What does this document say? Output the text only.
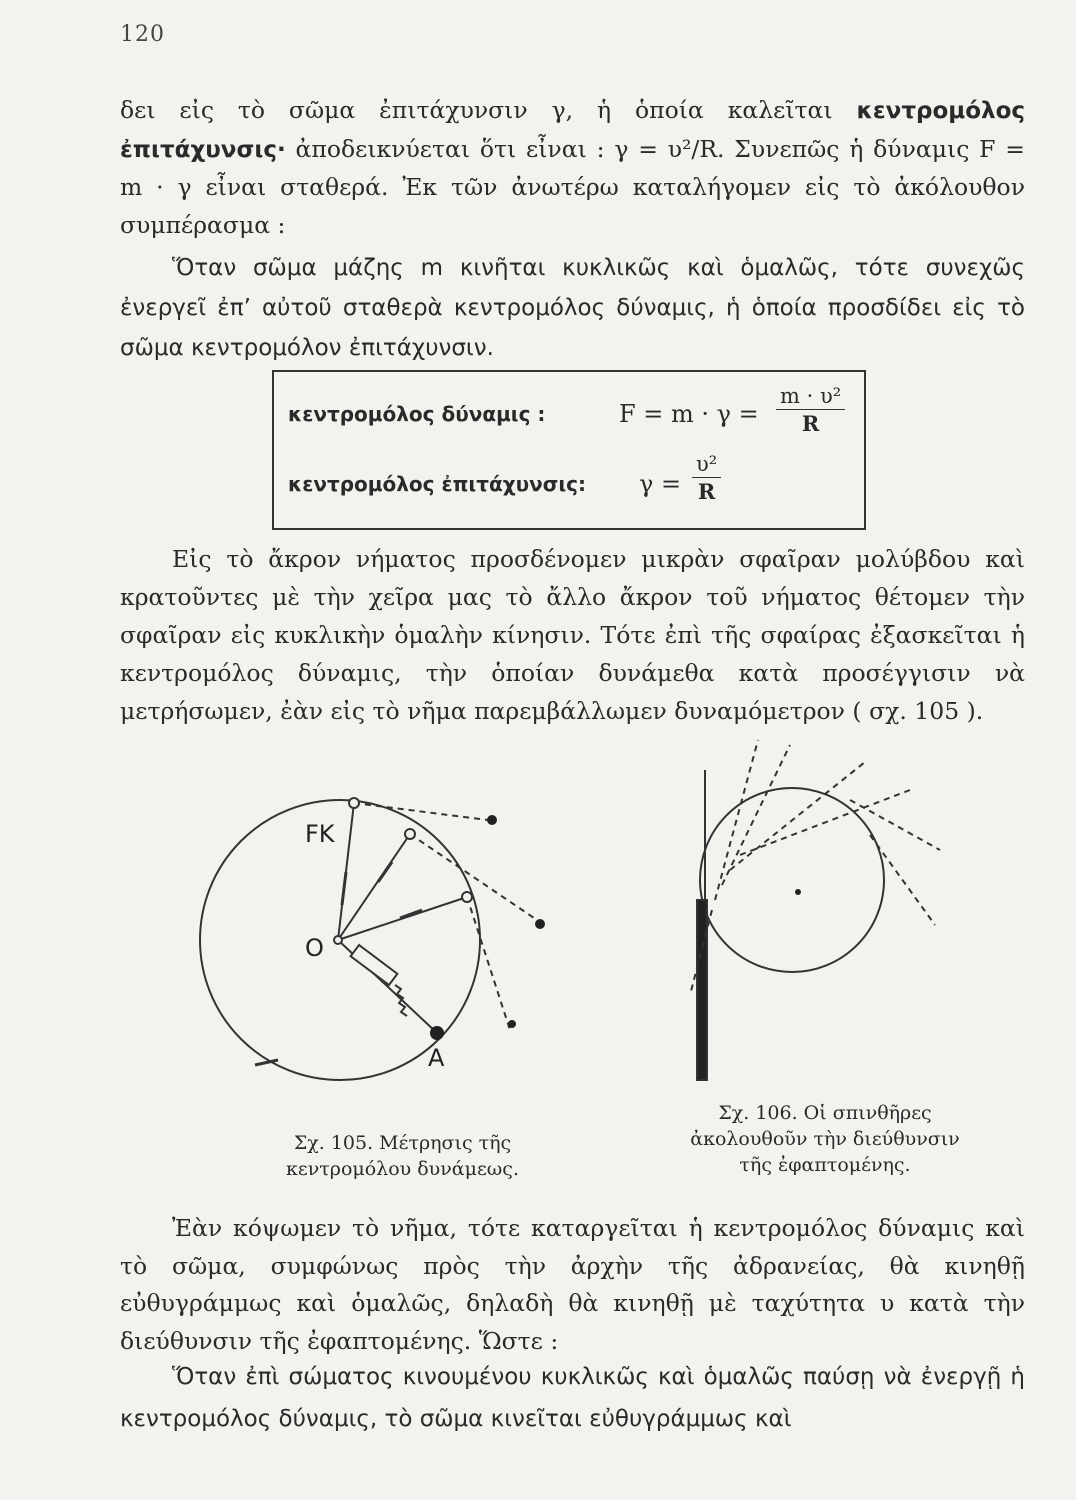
120

δει εἰς τὸ σῶμα ἐπιτάχυνσιν γ, ἡ ὁποία καλεῖται κεντρομόλος ἐπιτάχυνσις· ἀποδεικνύεται ὅτι εἶναι : γ = υ²/R. Συνεπῶς ἡ δύναμις F = m · γ εἶναι σταθερά. Ἐκ τῶν ἀνωτέρω καταλήγομεν εἰς τὸ ἀκόλουθον συμπέρασμα :

Ὅταν σῶμα μάζης m κινῆται κυκλικῶς καὶ ὁμαλῶς, τότε συνεχῶς ἐνεργεῖ ἐπ’ αὐτοῦ σταθερὰ κεντρομόλος δύναμις, ἡ ὁποία προσδίδει εἰς τὸ σῶμα κεντρομόλον ἐπιτάχυνσιν.

κεντρομόλος δύναμις :	$F = m \cdot \gamma = \frac{\text{m · υ²}}{R}$
κεντρομόλος ἐπιτάχυνσις: $\gamma = \frac{\text{υ²}}{R}$

Εἰς τὸ ἄκρον νήματος προσδένομεν μικρὰν σφαῖραν μολύβδου καὶ κρατοῦντες μὲ τὴν χεῖρα μας τὸ ἄλλο ἄκρον τοῦ νήματος θέτομεν τὴν σφαῖραν εἰς κυκλικὴν ὁμαλὴν κίνησιν. Τότε ἐπὶ τῆς σφαίρας ἐξασκεῖται ἡ κεντρομόλος δύναμις, τὴν ὁποίαν δυνάμεθα κατὰ προσέγγισιν νὰ μετρήσωμεν, ἐὰν εἰς τὸ νῆμα παρεμβάλλωμεν δυναμόμετρον ( σχ. 105 ).

FK
O
A
Σχ. 105. Μέτρησις τῆς κεντρομόλου δυνάμεως.
Σχ. 106. Οἱ σπινθῆρες ἀκολουθοῦν τὴν διεύθυνσιν τῆς ἐφαπτομένης.

Ἐὰν κόψωμεν τὸ νῆμα, τότε καταργεῖται ἡ κεντρομόλος δύναμις καὶ τὸ σῶμα, συμφώνως πρὸς τὴν ἀρχὴν τῆς ἀδρανείας, θὰ κινηθῇ εὐθυγράμμως καὶ ὁμαλῶς, δηλαδὴ θὰ κινηθῇ μὲ ταχύτητα υ κατὰ τὴν διεύθυνσιν τῆς ἐφαπτομένης. Ὥστε :

Ὅταν ἐπὶ σώματος κινουμένου κυκλικῶς καὶ ὁμαλῶς παύσῃ νὰ ἐνεργῇ ἡ κεντρομόλος δύναμις, τὸ σῶμα κινεῖται εὐθυγράμμως καὶ
